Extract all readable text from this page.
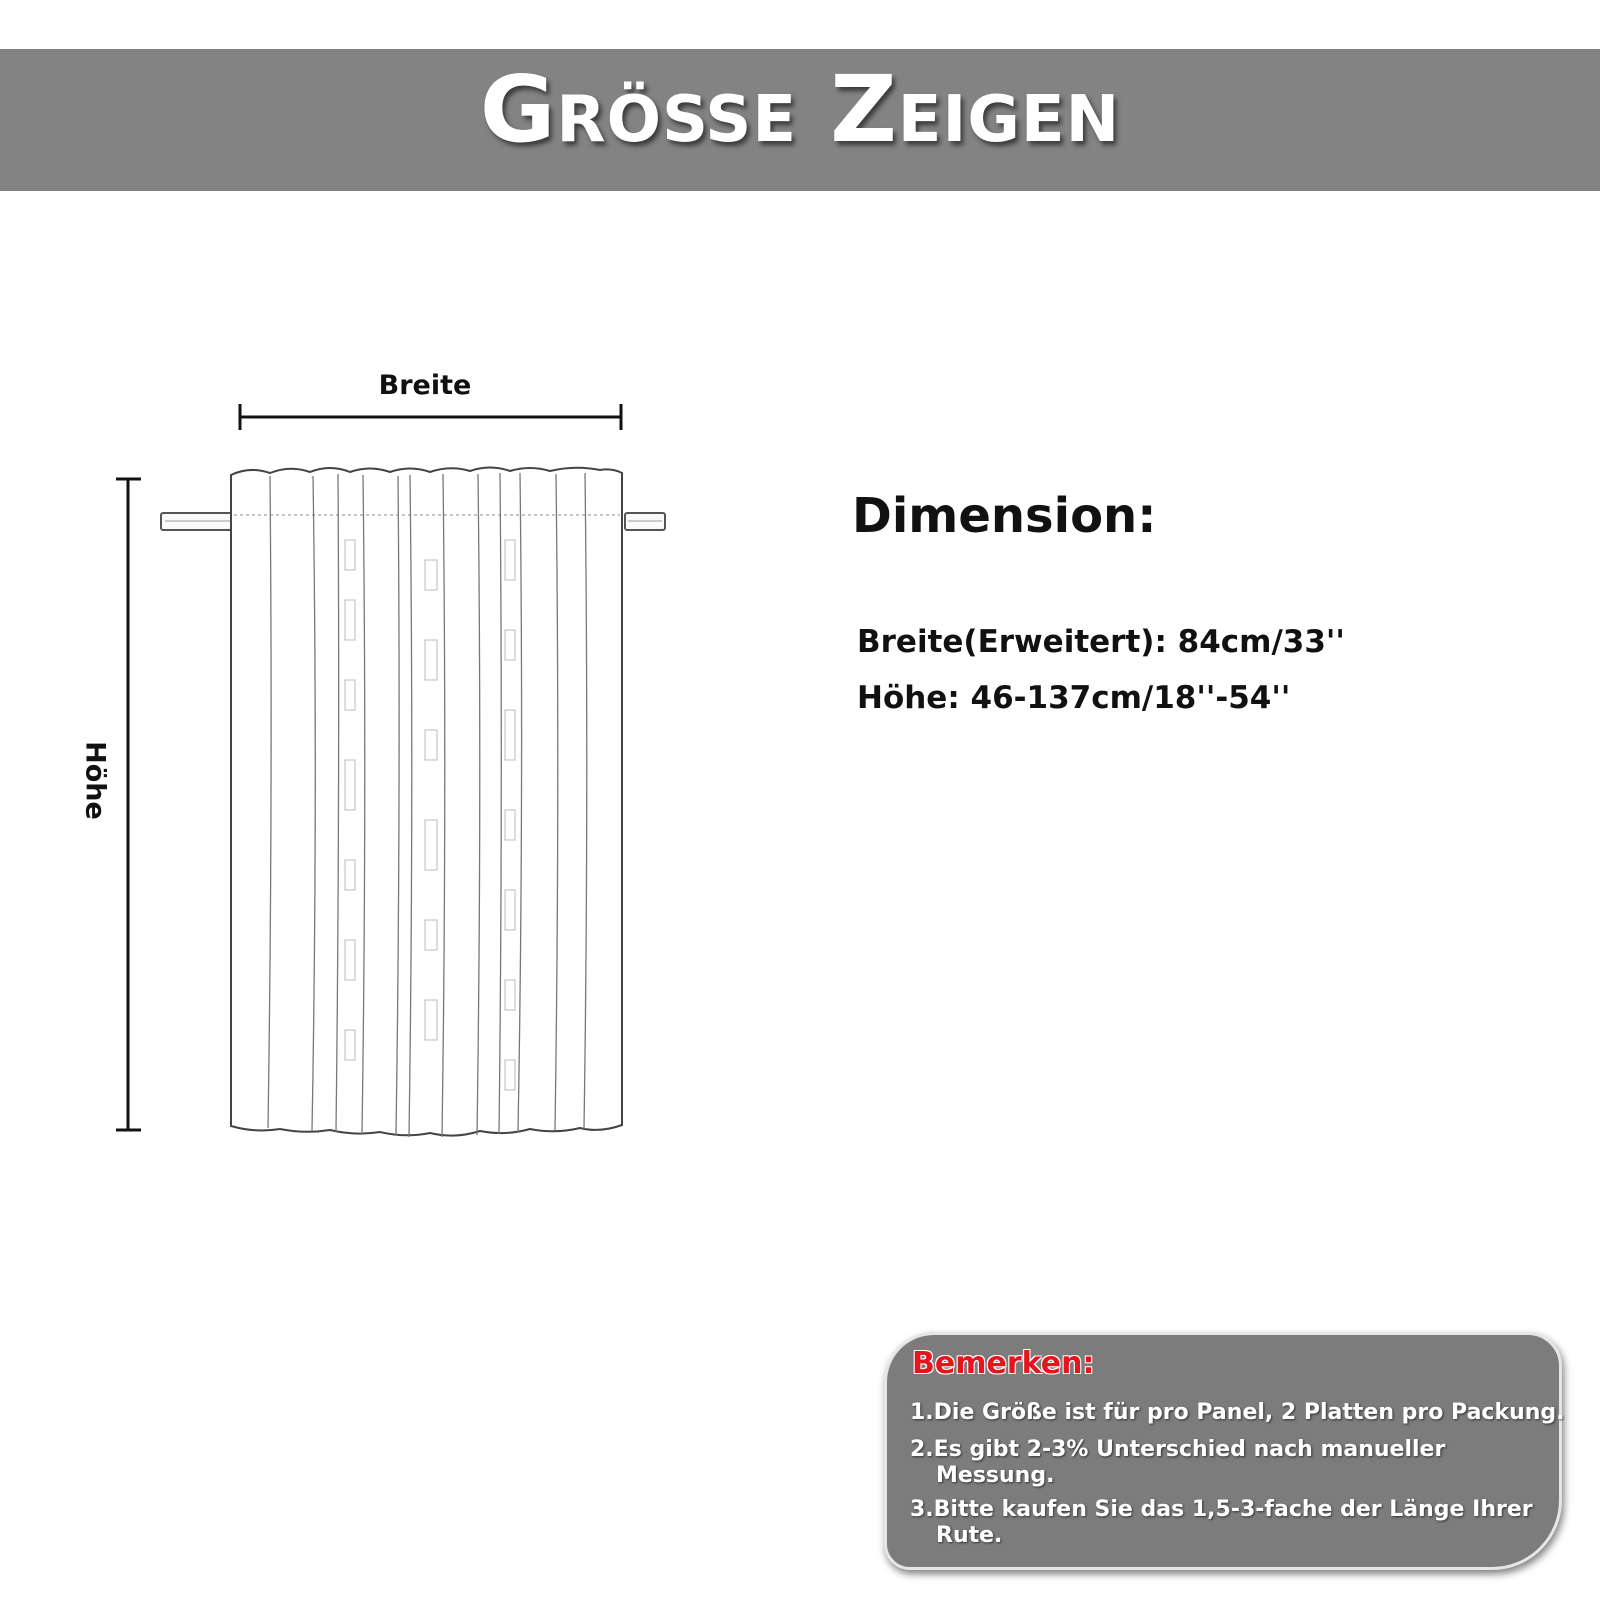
Größe Zeigen
Breite
Höhe
Dimension:
Breite(Erweitert): 84cm/33''
Höhe: 46-137cm/18''-54''
Bemerken:
1.Die Größe ist für pro Panel, 2 Platten pro Packung.
2.Es gibt 2-3% Unterschied nach manueller
Messung.
3.Bitte kaufen Sie das 1,5-3-fache der Länge Ihrer
Rute.
